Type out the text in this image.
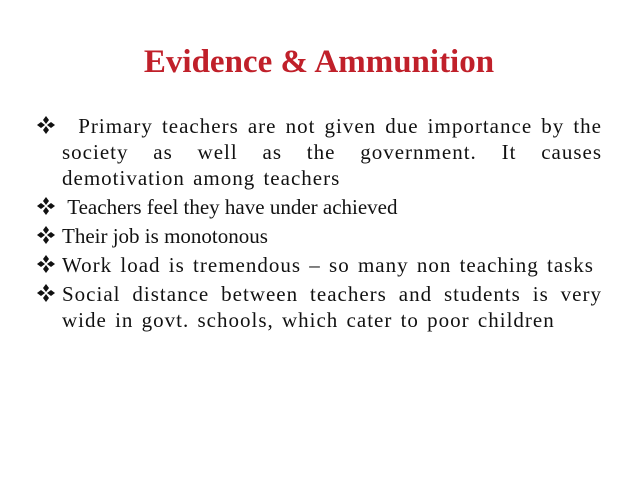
Evidence & Ammunition
Primary teachers are not given due importance by the society as well as the government. It causes demotivation among teachers
Teachers feel they have under achieved
Their job is monotonous
Work load is tremendous – so many non teaching tasks
Social distance between teachers and students is very wide in govt. schools, which cater to poor children
